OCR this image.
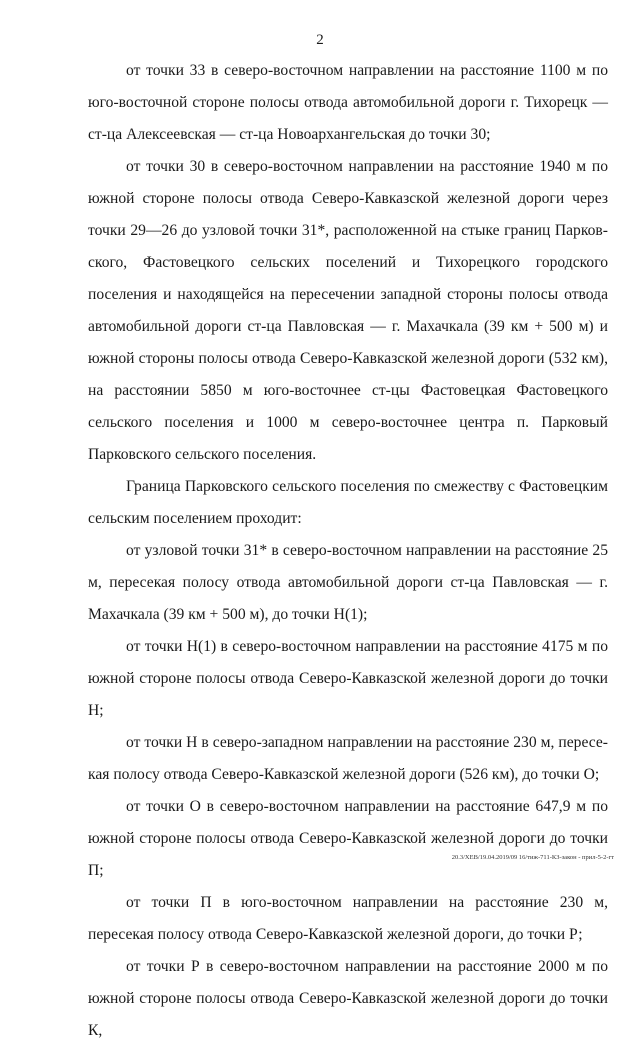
2

от точки 33 в северо-восточном направлении на расстояние 1100 м по юго-восточной стороне полосы отвода автомобильной дороги г. Тихорецк — ст-ца Алексеевская — ст-ца Новоархангельская до точки 30;

от точки 30 в северо-восточном направлении на расстояние 1940 м по южной стороне полосы отвода Северо-Кавказской железной дороги через точки 29—26 до узловой точки 31*, расположенной на стыке границ Парковского, Фастовецкого сельских поселений и Тихорецкого городского поселения и находящейся на пересечении западной стороны полосы отвода автомобильной дороги ст-ца Павловская — г. Махачкала (39 км + 500 м) и южной стороны полосы отвода Северо-Кавказской железной дороги (532 км), на расстоянии 5850 м юго-восточнее ст-цы Фастовецкая Фастовецкого сельского поселения и 1000 м северо-восточнее центра п. Парковый Парковского сельского поселения.

Граница Парковского сельского поселения по смежеству с Фастовецким сельским поселением проходит:

от узловой точки 31* в северо-восточном направлении на расстояние 25 м, пересекая полосу отвода автомобильной дороги ст-ца Павловская — г. Махачкала (39 км + 500 м), до точки Н(1);

от точки Н(1) в северо-восточном направлении на расстояние 4175 м по южной стороне полосы отвода Северо-Кавказской железной дороги до точки Н;

от точки Н в северо-западном направлении на расстояние 230 м, пересекая полосу отвода Северо-Кавказской железной дороги (526 км), до точки О;

от точки О в северо-восточном направлении на расстояние 647,9 м по южной стороне полосы отвода Северо-Кавказской железной дороги до точки П;

от точки П в юго-восточном направлении на расстояние 230 м, пересекая полосу отвода Северо-Кавказской железной дороги, до точки Р;

от точки Р в северо-восточном направлении на расстояние 2000 м по южной стороне полосы отвода Северо-Кавказской железной дороги до точки К,

20.3/ХЕВ/19.04.2019/09 16/тиж-711-КЗ-закон - прил-5-2-гт
